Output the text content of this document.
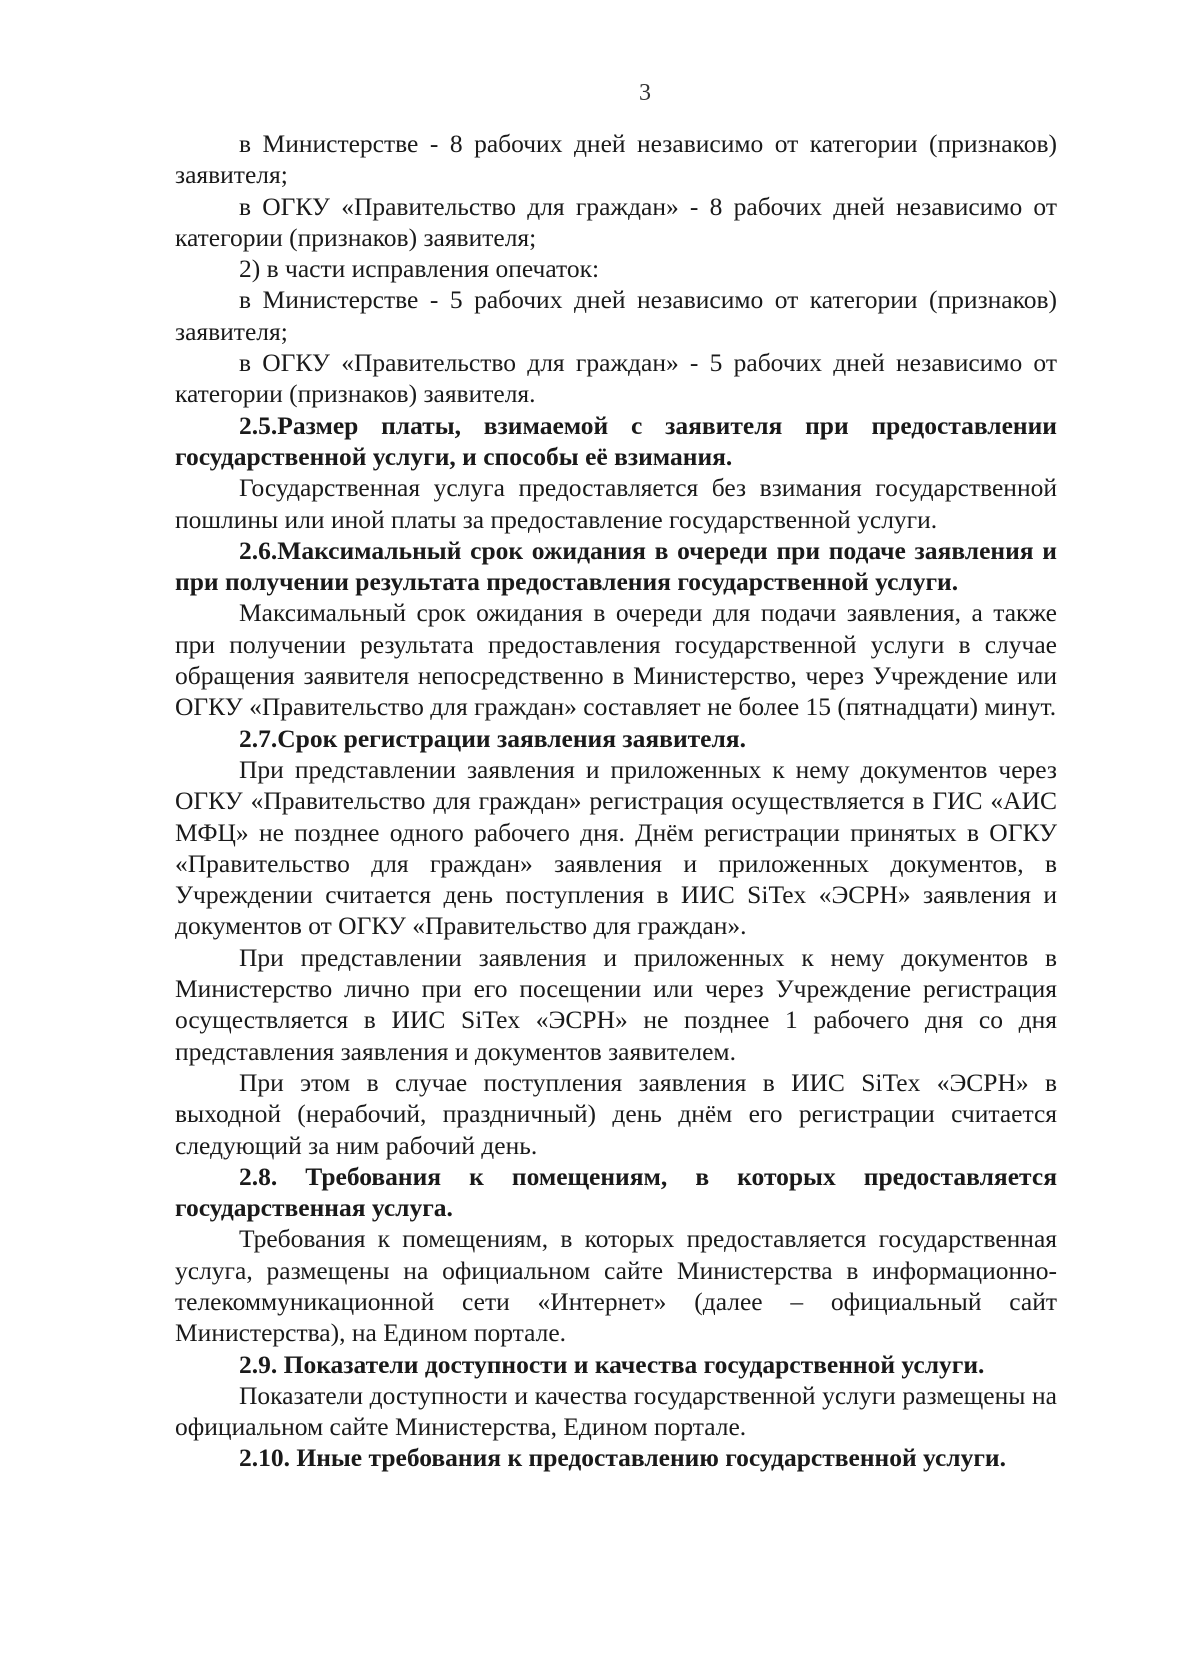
3

в Министерстве - 8 рабочих дней независимо от категории (признаков) заявителя;

в ОГКУ «Правительство для граждан» - 8 рабочих дней независимо от категории (признаков) заявителя;

2) в части исправления опечаток:

в Министерстве - 5 рабочих дней независимо от категории (признаков) заявителя;

в ОГКУ «Правительство для граждан» - 5 рабочих дней независимо от категории (признаков) заявителя.

2.5.Размер платы, взимаемой с заявителя при предоставлении государственной услуги, и способы её взимания.

Государственная услуга предоставляется без взимания государственной пошлины или иной платы за предоставление государственной услуги.

2.6.Максимальный срок ожидания в очереди при подаче заявления и при получении результата предоставления государственной услуги.

Максимальный срок ожидания в очереди для подачи заявления, а также при получении результата предоставления государственной услуги в случае обращения заявителя непосредственно в Министерство, через Учреждение или ОГКУ «Правительство для граждан» составляет не более 15 (пятнадцати) минут.

2.7.Срок регистрации заявления заявителя.

При представлении заявления и приложенных к нему документов через ОГКУ «Правительство для граждан» регистрация осуществляется в ГИС «АИС МФЦ» не позднее одного рабочего дня. Днём регистрации принятых в ОГКУ «Правительство для граждан» заявления и приложенных документов, в Учреждении считается день поступления в ИИС SiTex «ЭСРН» заявления и документов от ОГКУ «Правительство для граждан».

При представлении заявления и приложенных к нему документов в Министерство лично при его посещении или через Учреждение регистрация осуществляется в ИИС SiTex «ЭСРН» не позднее 1 рабочего дня со дня представления заявления и документов заявителем.

При этом в случае поступления заявления в ИИС SiTex «ЭСРН» в выходной (нерабочий, праздничный) день днём его регистрации считается следующий за ним рабочий день.

2.8. Требования к помещениям, в которых предоставляется государственная услуга.

Требования к помещениям, в которых предоставляется государственная услуга, размещены на официальном сайте Министерства в информационно-телекоммуникационной сети «Интернет» (далее – официальный сайт Министерства), на Едином портале.

2.9. Показатели доступности и качества государственной услуги.

Показатели доступности и качества государственной услуги размещены на официальном сайте Министерства, Едином портале.

2.10. Иные требования к предоставлению государственной услуги.
